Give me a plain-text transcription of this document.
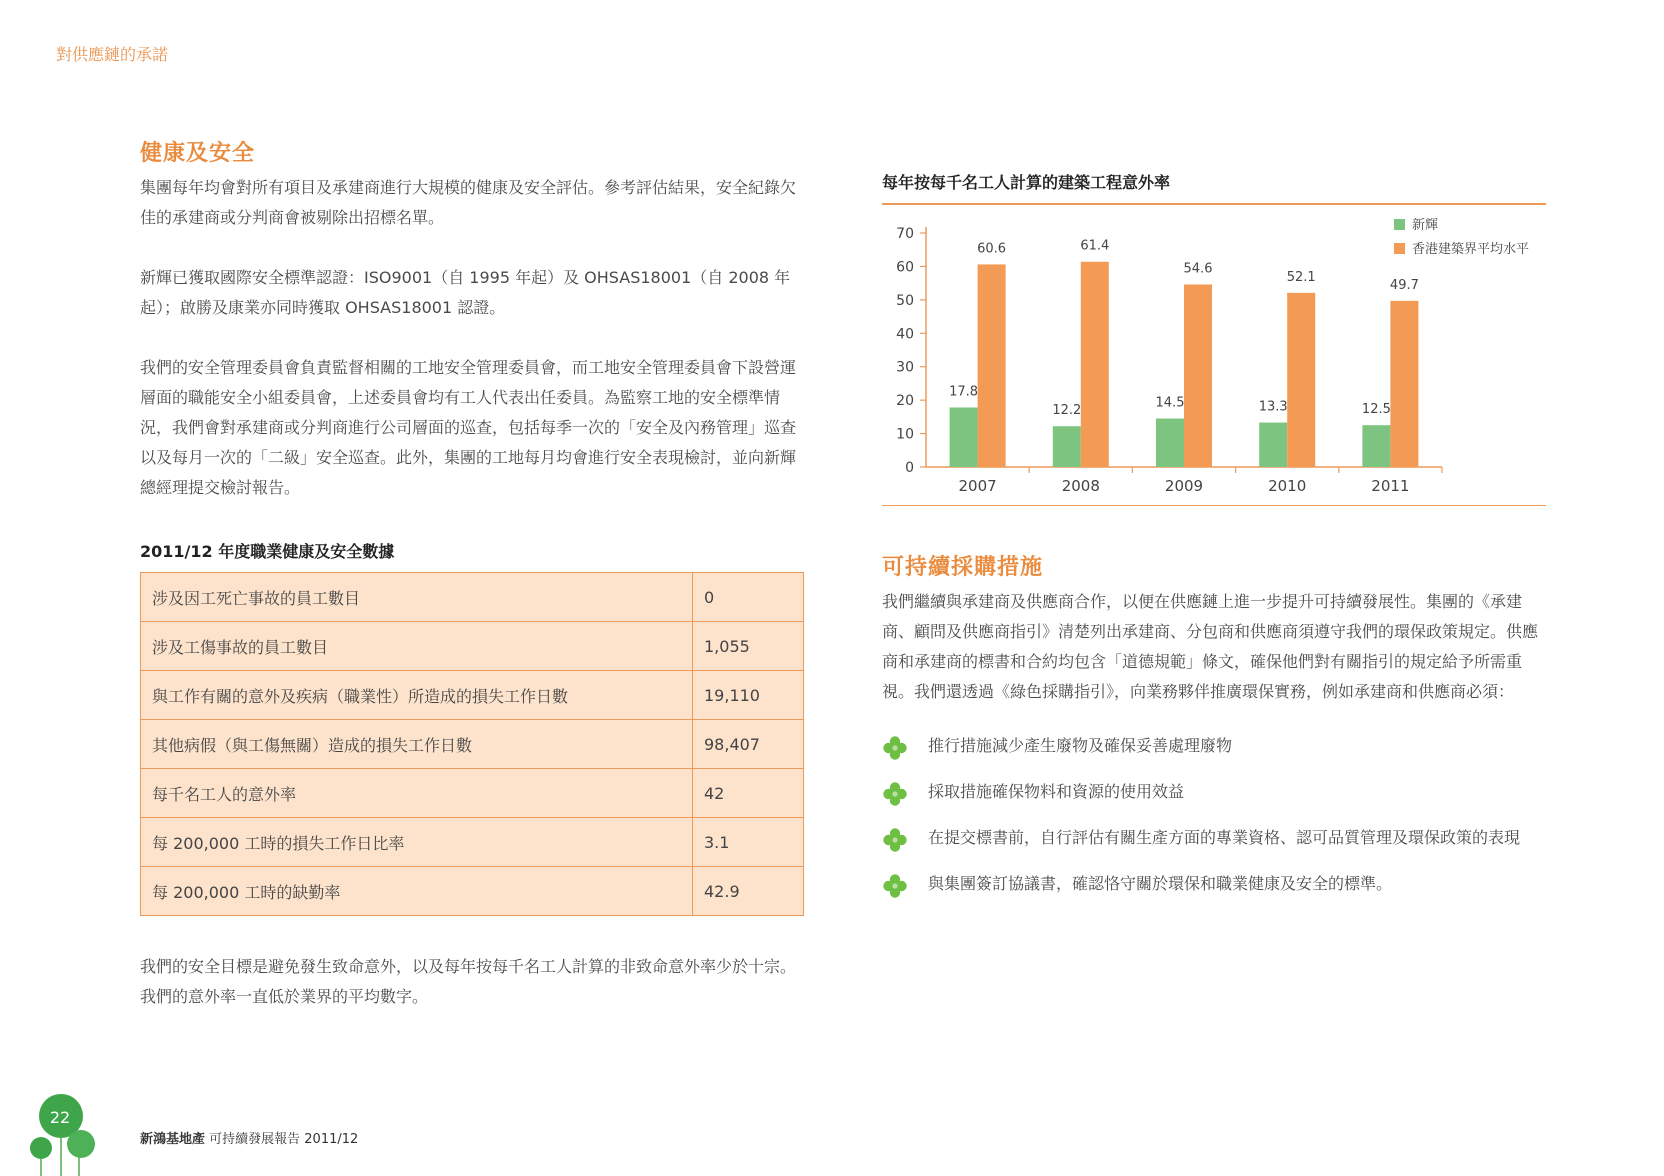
對供應鏈的承諾
健康及安全

集團每年均會對所有項目及承建商進行大規模的健康及安全評估。參考評估結果，安全紀錄欠佳的承建商或分判商會被剔除出招標名單。

新輝已獲取國際安全標準認證：ISO9001（自 1995 年起）及 OHSAS18001（自 2008 年起）；啟勝及康業亦同時獲取 OHSAS18001 認證。

我們的安全管理委員會負責監督相關的工地安全管理委員會，而工地安全管理委員會下設營運層面的職能安全小組委員會，上述委員會均有工人代表出任委員。為監察工地的安全標準情況，我們會對承建商或分判商進行公司層面的巡查，包括每季一次的「安全及內務管理」巡查以及每月一次的「二級」安全巡查。此外，集團的工地每月均會進行安全表現檢討，並向新輝總經理提交檢討報告。

2011/12 年度職業健康及安全數據
涉及因工死亡事故的員工數目	0
涉及工傷事故的員工數目	1,055
與工作有關的意外及疾病（職業性）所造成的損失工作日數	19,110
其他病假（與工傷無關）造成的損失工作日數	98,407
每千名工人的意外率	42
每 200,000 工時的損失工作日比率	3.1
每 200,000 工時的缺勤率	42.9

我們的安全目標是避免發生致命意外，以及每年按每千名工人計算的非致命意外率少於十宗。我們的意外率一直低於業界的平均數字。

每年按每千名工人計算的建築工程意外率
0
10
20
30
40
50
60
70
2007
17.8
60.6
2008
12.2
61.4
2009
14.5
54.6
2010
13.3
52.1
2011
12.5
49.7
新輝
香港建築界平均水平
可持續採購措施

我們繼續與承建商及供應商合作，以便在供應鏈上進一步提升可持續發展性。集團的《承建商、顧問及供應商指引》清楚列出承建商、分包商和供應商須遵守我們的環保政策規定。供應商和承建商的標書和合約均包含「道德規範」條文，確保他們對有關指引的規定給予所需重視。我們還透過《綠色採購指引》，向業務夥伴推廣環保實務，例如承建商和供應商必須：

推行措施減少產生廢物及確保妥善處理廢物

採取措施確保物料和資源的使用效益

在提交標書前，自行評估有關生產方面的專業資格、認可品質管理及環保政策的表現

與集團簽訂協議書，確認恪守關於環保和職業健康及安全的標準。

22
新鴻基地產 可持續發展報告 2011/12
